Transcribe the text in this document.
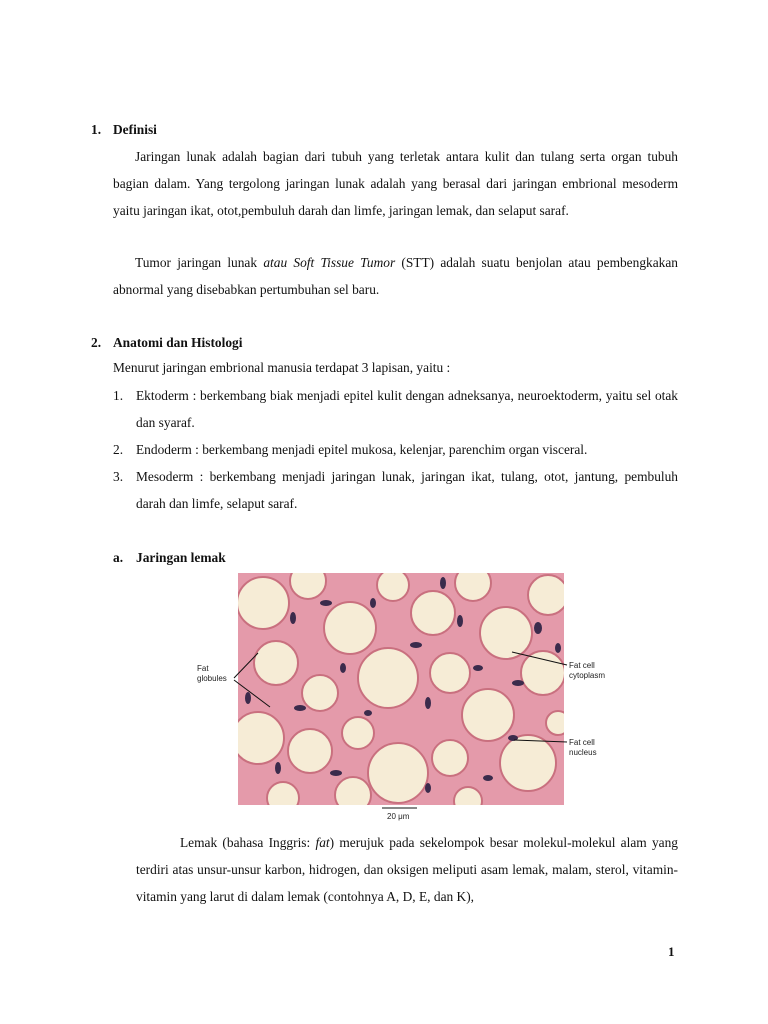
1. Definisi
Jaringan lunak adalah bagian dari tubuh yang terletak antara kulit dan tulang serta organ tubuh bagian dalam. Yang tergolong jaringan lunak adalah yang berasal dari jaringan embrional mesoderm yaitu jaringan ikat, otot,pembuluh darah dan limfe, jaringan lemak, dan selaput saraf.
Tumor jaringan lunak atau Soft Tissue Tumor (STT) adalah suatu benjolan atau pembengkakan abnormal yang disebabkan pertumbuhan sel baru.
2. Anatomi dan Histologi
Menurut jaringan embrional manusia terdapat 3 lapisan, yaitu :
1. Ektoderm : berkembang biak menjadi epitel kulit dengan adneksanya, neuroektoderm, yaitu sel otak dan syaraf.
2. Endoderm : berkembang menjadi epitel mukosa, kelenjar, parenchim organ visceral.
3. Mesoderm : berkembang menjadi jaringan lunak, jaringan ikat, tulang, otot, jantung, pembuluh darah dan limfe, selaput saraf.
a. Jaringan lemak
Fat
globules
Fat cell
cytoplasm
Fat cell
nucleus
20 μm
Lemak (bahasa Inggris: fat) merujuk pada sekelompok besar molekul-molekul alam yang terdiri atas unsur-unsur karbon, hidrogen, dan oksigen meliputi asam lemak, malam, sterol, vitamin-vitamin yang larut di dalam lemak (contohnya A, D, E, dan K),
1
